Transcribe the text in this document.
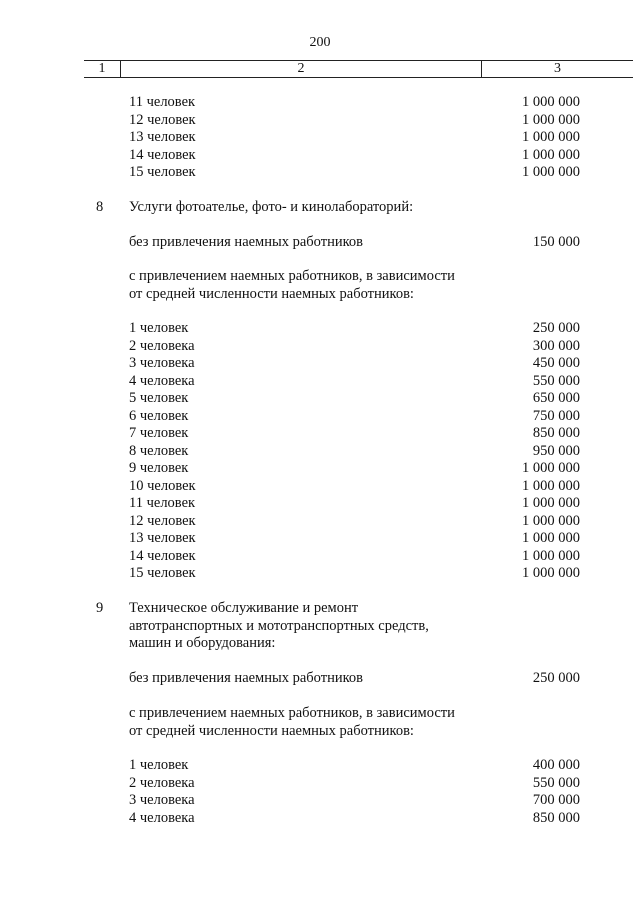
200
1	2	3
11 человек	1 000 000
12 человек	1 000 000
13 человек	1 000 000
14 человек	1 000 000
15 человек	1 000 000
8 Услуги фотоателье, фото- и кинолабораторий:
без привлечения наемных работников	150 000
с привлечением наемных работников, в зависимости
от средней численности наемных работников:
1 человек	250 000
2 человека	300 000
3 человека	450 000
4 человека	550 000
5 человек	650 000
6 человек	750 000
7 человек	850 000
8 человек	950 000
9 человек	1 000 000
10 человек	1 000 000
11 человек	1 000 000
12 человек	1 000 000
13 человек	1 000 000
14 человек	1 000 000
15 человек	1 000 000
9 Техническое обслуживание и ремонт
автотранспортных и мототранспортных средств,
машин и оборудования:
без привлечения наемных работников	250 000
с привлечением наемных работников, в зависимости
от средней численности наемных работников:
1 человек	400 000
2 человека	550 000
3 человека	700 000
4 человека	850 000
